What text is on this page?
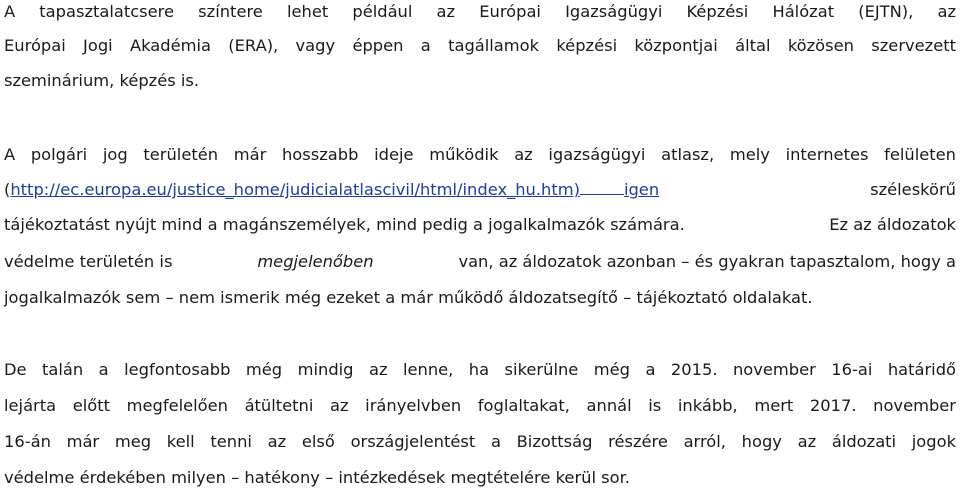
A tapasztalatcsere színtere lehet például az Európai Igazságügyi Képzési Hálózat (EJTN), az
Európai Jogi Akadémia (ERA), vagy éppen a tagállamok képzési központjai által közösen szervezett
szeminárium, képzés is.
A polgári jog területén már hosszabb ideje működik az igazságügyi atlasz, mely internetes felületen
(http://ec.europa.eu/justice_home/judicialatlascivil/html/index_hu.htm)	igen	széleskörű
tájékoztatást nyújt mind a magánszemélyek, mind pedig a jogalkalmazók számára.	Ez az áldozatok
védelme területén is	megjelenőben	van, az áldozatok azonban – és gyakran tapasztalom, hogy a
jogalkalmazók sem – nem ismerik még ezeket a már működő áldozatsegítő – tájékoztató oldalakat.
De talán a legfontosabb még mindig az lenne, ha sikerülne még a 2015. november 16-ai határidő
lejárta előtt megfelelően átültetni az irányelvben foglaltakat, annál is inkább, mert 2017. november
16-án már meg kell tenni az első országjelentést a Bizottság részére arról, hogy az áldozati jogok
védelme érdekében milyen – hatékony – intézkedések megtételére kerül sor.
